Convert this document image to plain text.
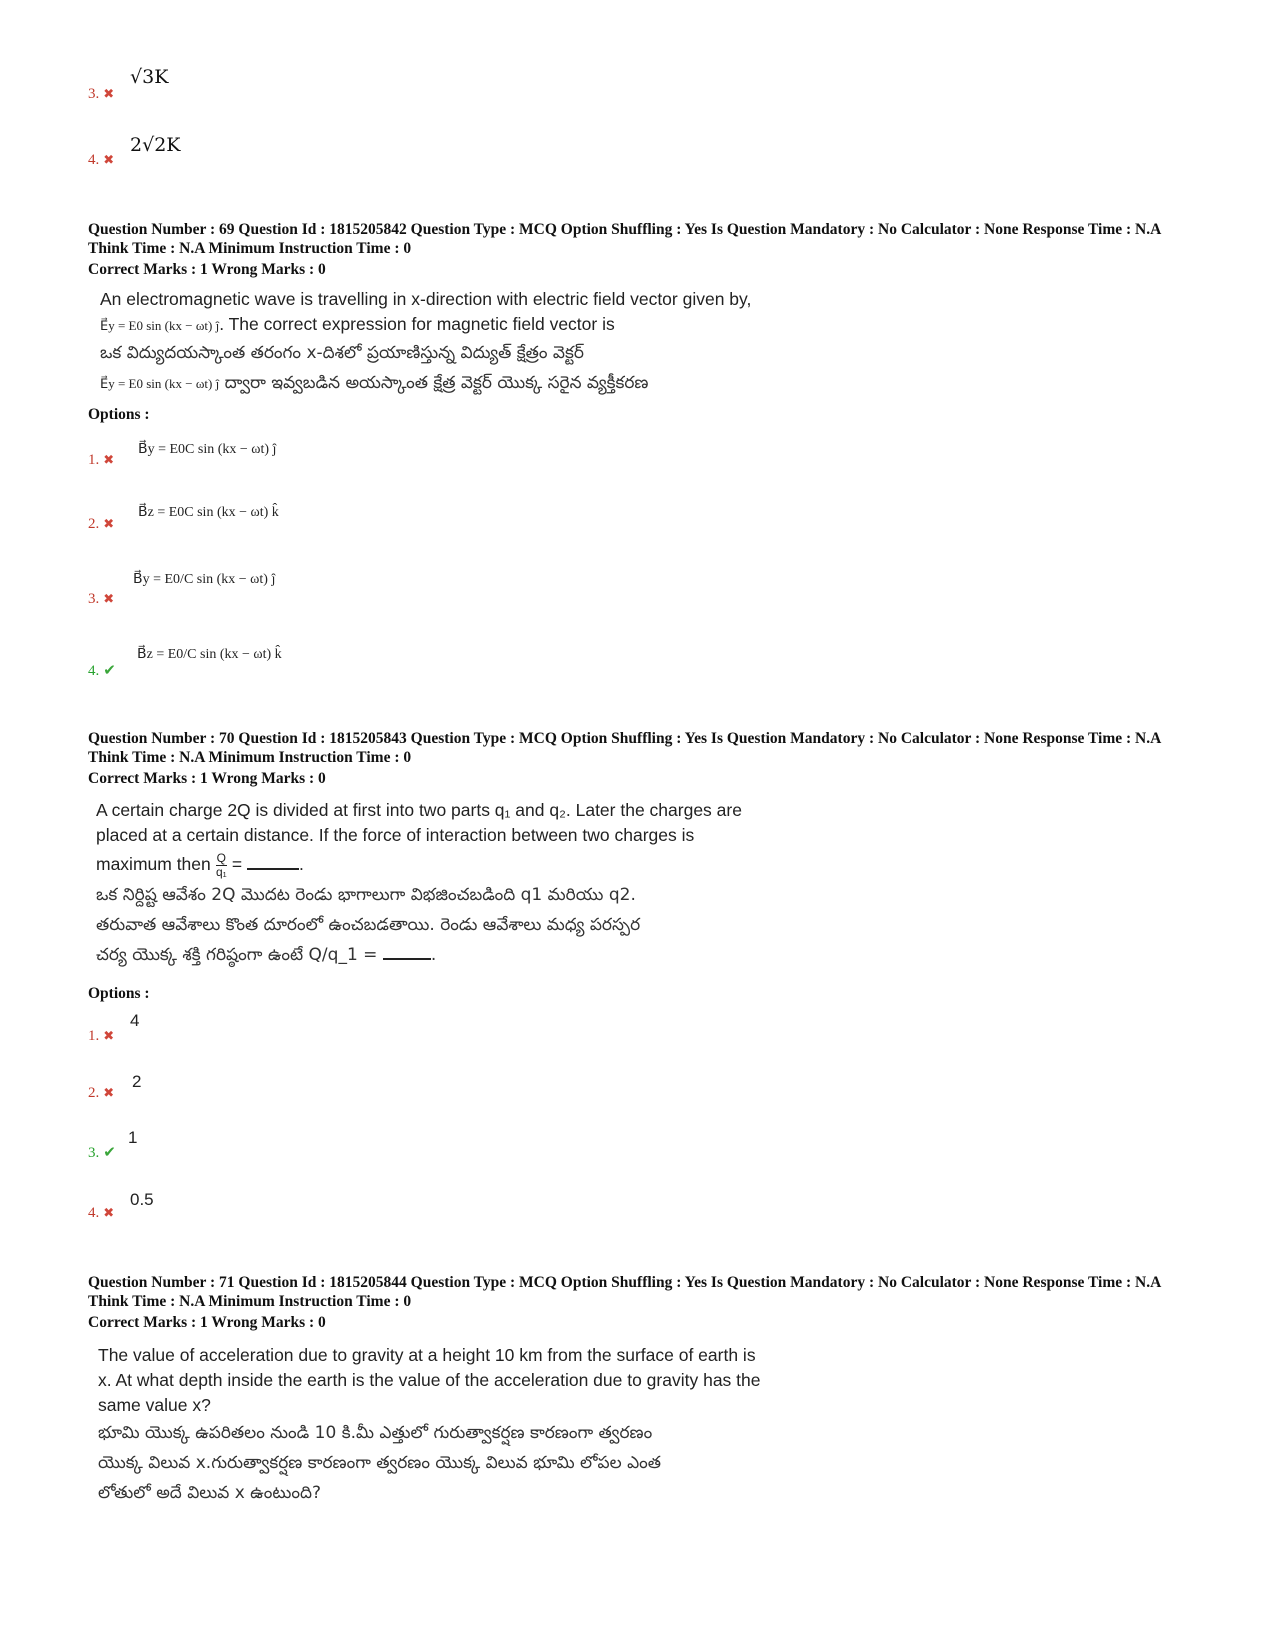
3. ✖
√3K
4. ✖
2√2K
Question Number : 69 Question Id : 1815205842 Question Type : MCQ Option Shuffling : Yes Is Question Mandatory : No Calculator : None Response Time : N.A Think Time : N.A Minimum Instruction Time : 0
Correct Marks : 1 Wrong Marks : 0

An electromagnetic wave is travelling in x-direction with electric field vector given by,

E⃗y = E0 sin (kx − ωt) ĵ. The correct expression for magnetic field vector is

ఒక విద్యుదయస్కాంత తరంగం x-దిశలో ప్రయాణిస్తున్న విద్యుత్ క్షేత్రం వెక్టర్

E⃗y = E0 sin (kx − ωt) ĵ ద్వారా ఇవ్వబడిన అయస్కాంత క్షేత్ర వెక్టర్ యొక్క సరైన వ్యక్తీకరణ

Options :
1. ✖
B⃗y = E0C sin (kx − ωt) ĵ
2. ✖
B⃗z = E0C sin (kx − ωt) k̂
3. ✖
B⃗y = E0/C sin (kx − ωt) ĵ
4. ✔
B⃗z = E0/C sin (kx − ωt) k̂
Question Number : 70 Question Id : 1815205843 Question Type : MCQ Option Shuffling : Yes Is Question Mandatory : No Calculator : None Response Time : N.A Think Time : N.A Minimum Instruction Time : 0
Correct Marks : 1 Wrong Marks : 0

A certain charge 2Q is divided at first into two parts q₁ and q₂. Later the charges are

placed at a certain distance. If the force of interaction between two charges is

maximum then $\frac{Q}{\text{q₁}}$ =	.

ఒక నిర్దిష్ట ఆవేశం 2Q మొదట రెండు భాగాలుగా విభజించబడింది q1 మరియు q2.

తరువాత ఆవేశాలు కొంత దూరంలో ఉంచబడతాయి. రెండు ఆవేశాలు మధ్య పరస్పర

చర్య యొక్క శక్తి గరిష్ఠంగా ఉంటే Q/q_1 =	.

Options :
1. ✖
4
2. ✖
2
3. ✔
1
4. ✖
0.5
Question Number : 71 Question Id : 1815205844 Question Type : MCQ Option Shuffling : Yes Is Question Mandatory : No Calculator : None Response Time : N.A Think Time : N.A Minimum Instruction Time : 0
Correct Marks : 1 Wrong Marks : 0

The value of acceleration due to gravity at a height 10 km from the surface of earth is

x. At what depth inside the earth is the value of the acceleration due to gravity has the

same value x?

భూమి యొక్క ఉపరితలం నుండి 10 కి.మీ ఎత్తులో గురుత్వాకర్షణ కారణంగా త్వరణం

యొక్క విలువ x.గురుత్వాకర్షణ కారణంగా త్వరణం యొక్క విలువ భూమి లోపల ఎంత

లోతులో అదే విలువ x ఉంటుంది?
